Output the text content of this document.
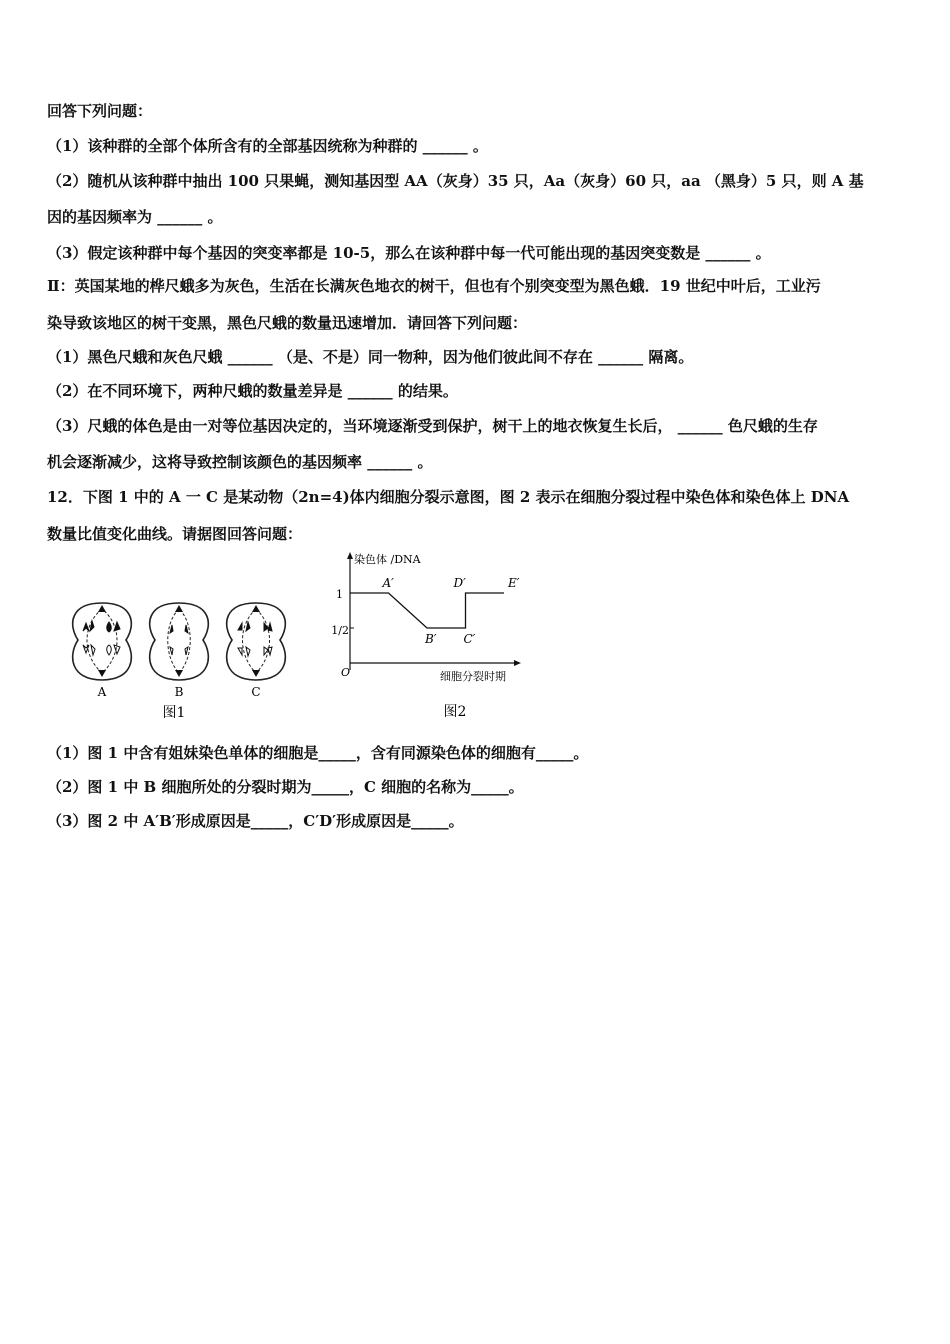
回答下列问题：
（1）该种群的全部个体所含有的全部基因统称为种群的 ______ 。
（2）随机从该种群中抽出 100 只果蝇，测知基因型 AA（灰身）35 只，Aa（灰身）60 只，aa （黑身）5 只，则 A 基
因的基因频率为 ______ 。
（3）假定该种群中每个基因的突变率都是 10-5，那么在该种群中每一代可能出现的基因突变数是 ______ 。
Ⅱ：英国某地的桦尺蛾多为灰色，生活在长满灰色地衣的树干，但也有个别突变型为黑色蛾．19 世纪中叶后，工业污
染导致该地区的树干变黑，黑色尺蛾的数量迅速增加．请回答下列问题：
（1）黑色尺蛾和灰色尺蛾 ______ （是、不是）同一物种，因为他们彼此间不存在 ______ 隔离。
（2）在不同环境下，两种尺蛾的数量差异是 ______ 的结果。
（3）尺蛾的体色是由一对等位基因决定的，当环境逐渐受到保护，树干上的地衣恢复生长后， ______ 色尺蛾的生存
机会逐渐减少，这将导致控制该颜色的基因频率 ______ 。
12．下图 1 中的 A 一 C 是某动物（2n=4)体内细胞分裂示意图，图 2 表示在细胞分裂过程中染色体和染色体上 DNA
数量比值变化曲线。请据图回答问题：
A	B	C
图1
染色体 /DNA
细胞分裂时期
O
1
1/2
A′
B′ C′
D′	E′
图2
（1）图 1 中含有姐妹染色单体的细胞是_____，含有同源染色体的细胞有_____。
（2）图 1 中 B 细胞所处的分裂时期为_____，C 细胞的名称为_____。
（3）图 2 中 A′B′形成原因是_____，C′D′形成原因是_____。
